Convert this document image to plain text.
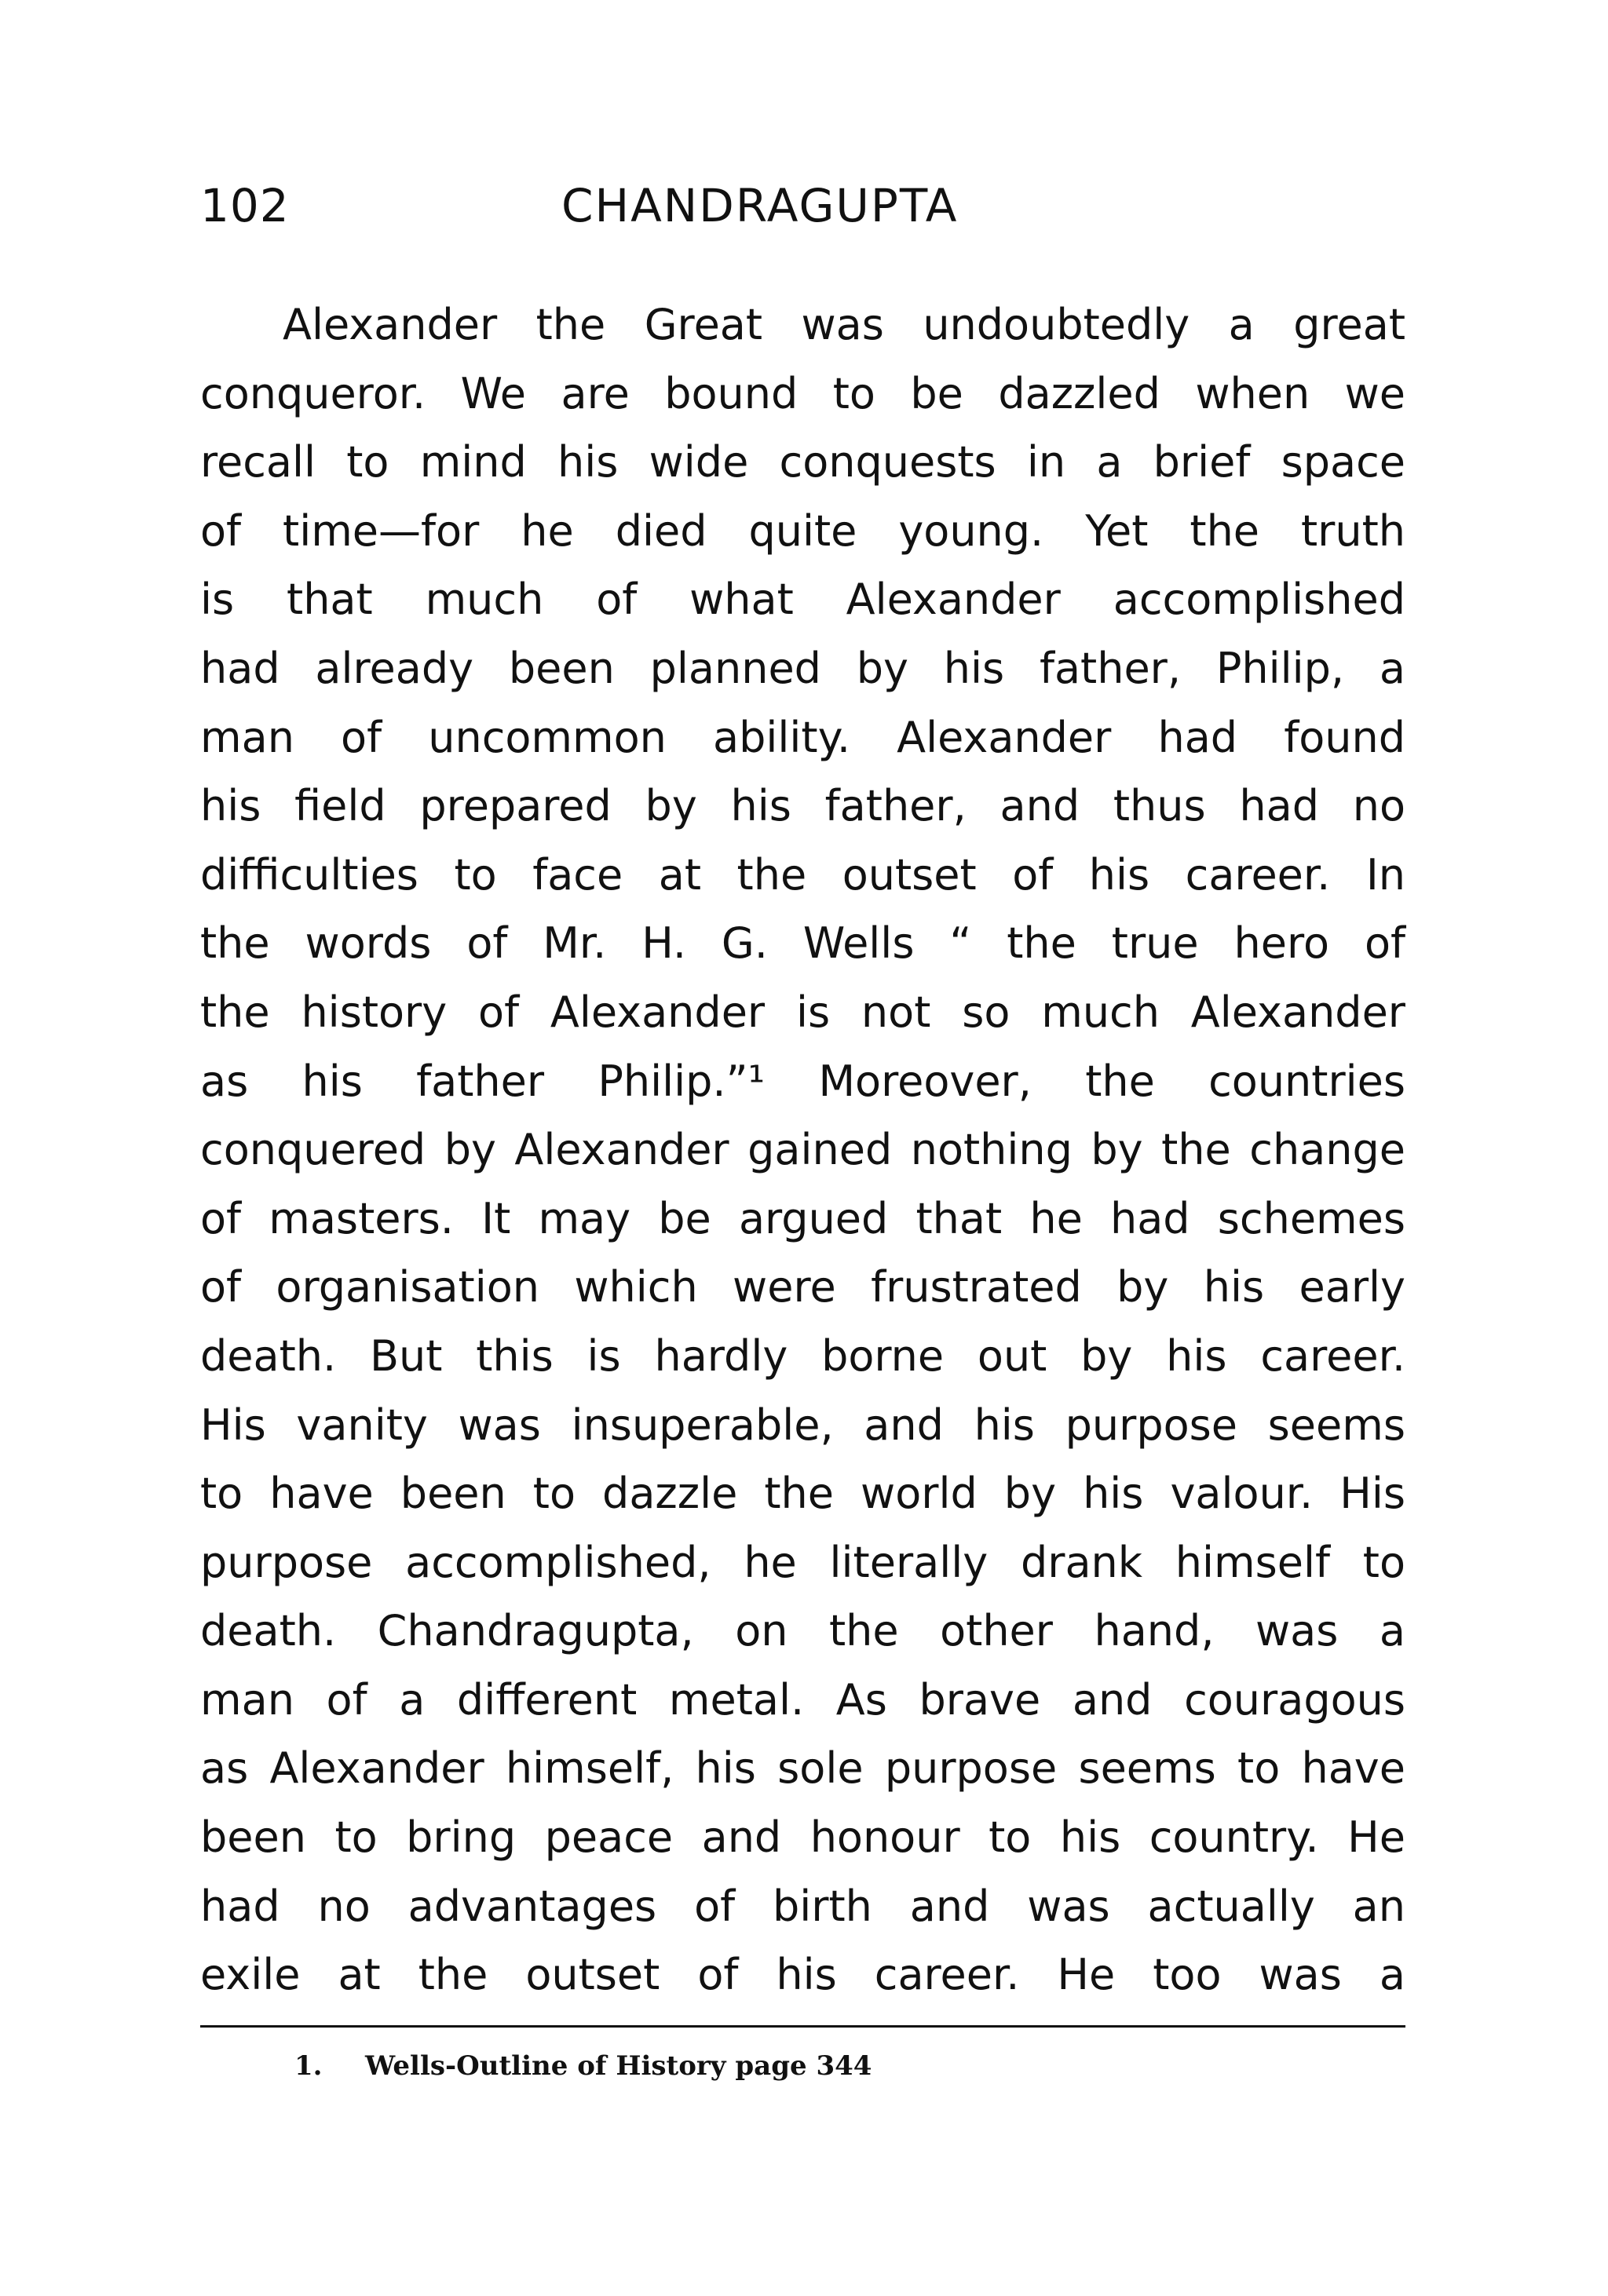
102	CHANDRAGUPTA
Alexander the Great was undoubtedly a great
conqueror. We are bound to be dazzled when we
recall to mind his wide conquests in a brief space
of time—for he died quite young. Yet the truth
is that much of what Alexander accomplished
had already been planned by his father, Philip, a
man of uncommon ability. Alexander had found
his field prepared by his father, and thus had no
difficulties to face at the outset of his career. In
the words of Mr. H. G. Wells “ the true hero of
the history of Alexander is not so much Alexander
as his father Philip.”¹ Moreover, the countries
conquered by Alexander gained nothing by the change
of masters. It may be argued that he had schemes
of organisation which were frustrated by his early
death. But this is hardly borne out by his career.
His vanity was insuperable, and his purpose seems
to have been to dazzle the world by his valour. His
purpose accomplished, he literally drank himself to
death. Chandragupta, on the other hand, was a
man of a different metal. As brave and couragous
as Alexander himself, his sole purpose seems to have
been to bring peace and honour to his country. He
had no advantages of birth and was actually an
exile at the outset of his career. He too was a
1. Wells-Outline of History page 344
